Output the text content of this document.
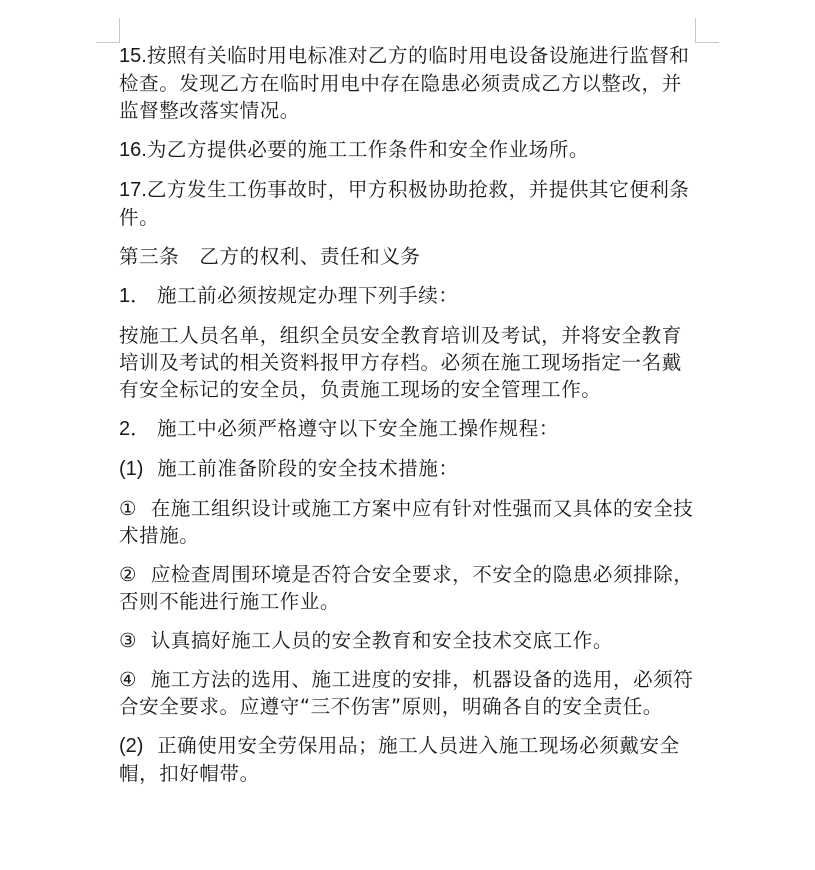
15.按照有关临时用电标准对乙方的临时用电设备设施进行监督和检查。发现乙方在临时用电中存在隐患必须责成乙方以整改，并监督整改落实情况。

16.为乙方提供必要的施工工作条件和安全作业场所。

17.乙方发生工伤事故时，甲方积极协助抢救，并提供其它便利条件。

第三条　乙方的权利、责任和义务

1． 施工前必须按规定办理下列手续：

按施工人员名单，组织全员安全教育培训及考试，并将安全教育培训及考试的相关资料报甲方存档。必须在施工现场指定一名戴有安全标记的安全员，负责施工现场的安全管理工作。

2． 施工中必须严格遵守以下安全施工操作规程：

(1) 施工前准备阶段的安全技术措施：

① 在施工组织设计或施工方案中应有针对性强而又具体的安全技术措施。

② 应检查周围环境是否符合安全要求，不安全的隐患必须排除，否则不能进行施工作业。

③ 认真搞好施工人员的安全教育和安全技术交底工作。

④ 施工方法的选用、施工进度的安排，机器设备的选用，必须符合安全要求。应遵守“三不伤害”原则，明确各自的安全责任。

(2) 正确使用安全劳保用品；施工人员进入施工现场必须戴安全帽，扣好帽带。
